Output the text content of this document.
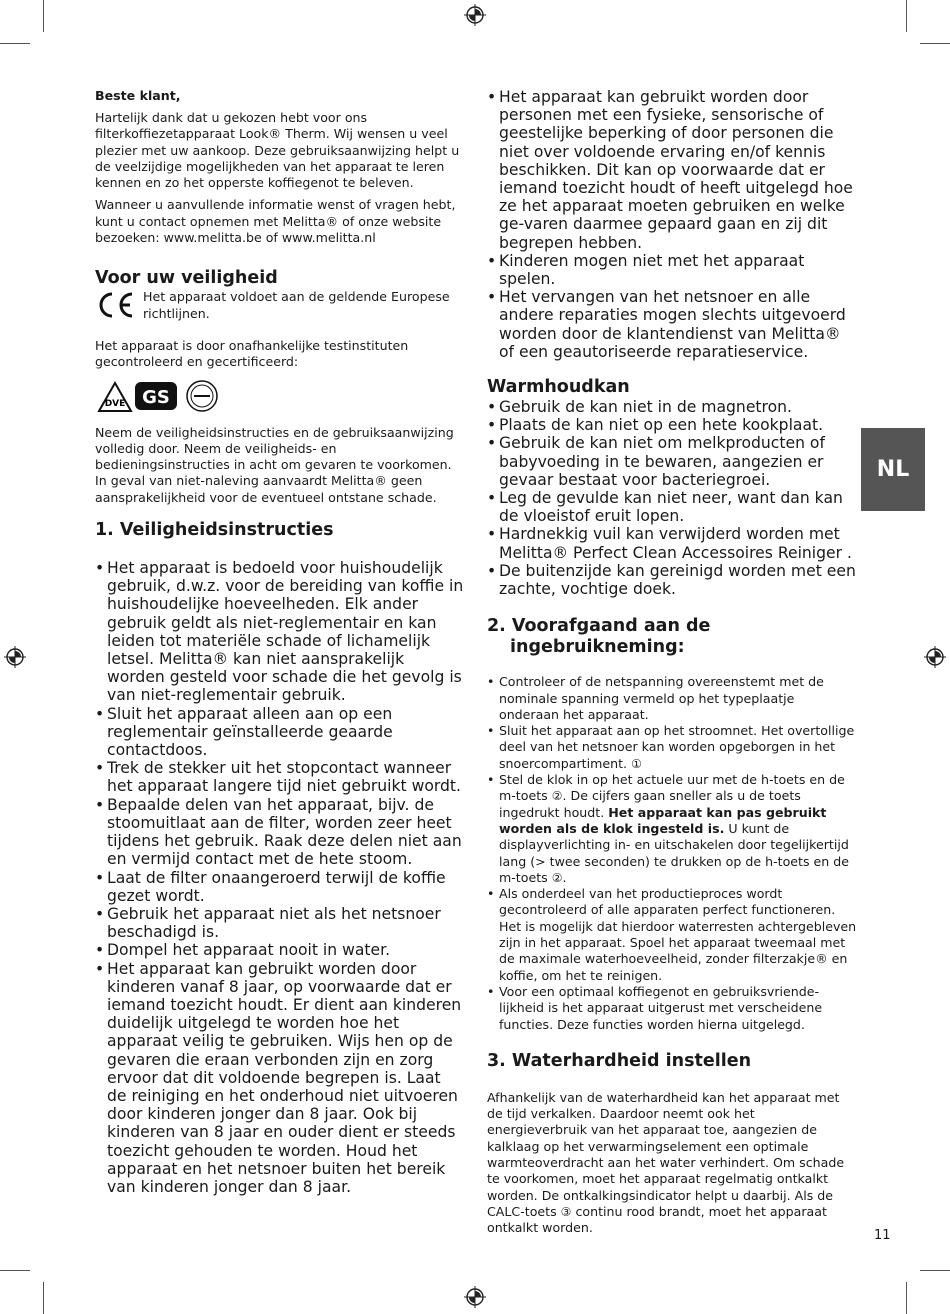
Beste klant,

Hartelijk dank dat u gekozen hebt voor ons filterkoffiezetapparaat Look® Therm. Wij wensen u veel plezier met uw aankoop. Deze gebruiksaanwijzing helpt u de veelzijdige mogelijkheden van het apparaat te leren kennen en zo het opperste koffiegenot te beleven.

Wanneer u aanvullende informatie wenst of vragen hebt, kunt u contact opnemen met Melitta® of onze website bezoeken: www.melitta.be of www.melitta.nl

Voor uw veiligheid

Het apparaat voldoet aan de geldende Europese richtlijnen.

Het apparaat is door onafhankelijke testinstituten gecontroleerd en gecertificeerd:

DVE GS

Neem de veiligheidsinstructies en de gebruiksaanwijzing volledig door. Neem de veiligheids- en bedieningsinstructies in acht om gevaren te voorkomen. In geval van niet-naleving aanvaardt Melitta® geen aansprakelijkheid voor de eventueel ontstane schade.

1. Veiligheidsinstructies
• Het apparaat is bedoeld voor huishoudelijk gebruik, d.w.z. voor de bereiding van koffie in huishoudelijke hoeveelheden. Elk ander gebruik geldt als niet-reglementair en kan leiden tot materiële schade of lichamelijk letsel. Melitta® kan niet aansprakelijk worden gesteld voor schade die het gevolg is van niet-reglementair gebruik.
• Sluit het apparaat alleen aan op een reglementair geïnstalleerde geaarde contactdoos.
• Trek de stekker uit het stopcontact wanneer het apparaat langere tijd niet gebruikt wordt.
• Bepaalde delen van het apparaat, bijv. de stoomuitlaat aan de filter, worden zeer heet tijdens het gebruik. Raak deze delen niet aan en vermijd contact met de hete stoom.
• Laat de filter onaangeroerd terwijl de koffie gezet wordt.
• Gebruik het apparaat niet als het netsnoer beschadigd is.
• Dompel het apparaat nooit in water.
• Het apparaat kan gebruikt worden door kinderen vanaf 8 jaar, op voorwaarde dat er iemand toezicht houdt. Er dient aan kinderen duidelijk uitgelegd te worden hoe het apparaat veilig te gebruiken. Wijs hen op de gevaren die eraan verbonden zijn en zorg ervoor dat dit voldoende begrepen is. Laat de reiniging en het onderhoud niet uitvoeren door kinderen jonger dan 8 jaar. Ook bij kinderen van 8 jaar en ouder dient er steeds toezicht gehouden te worden. Houd het apparaat en het netsnoer buiten het bereik van kinderen jonger dan 8 jaar.
• Het apparaat kan gebruikt worden door personen met een fysieke, sensorische of geestelijke beperking of door personen die niet over voldoende ervaring en/of kennis beschikken. Dit kan op voorwaarde dat er iemand toezicht houdt of heeft uitgelegd hoe ze het apparaat moeten gebruiken en welke ge-varen daarmee gepaard gaan en zij dit begrepen hebben.
• Kinderen mogen niet met het apparaat spelen.
• Het vervangen van het netsnoer en alle andere reparaties mogen slechts uitgevoerd worden door de klantendienst van Melitta® of een geautoriseerde reparatieservice.
Warmhoudkan
• Gebruik de kan niet in de magnetron.
• Plaats de kan niet op een hete kookplaat.
• Gebruik de kan niet om melkproducten of babyvoeding in te bewaren, aangezien er gevaar bestaat voor bacteriegroei.
• Leg de gevulde kan niet neer, want dan kan de vloeistof eruit lopen.
• Hardnekkig vuil kan verwijderd worden met Melitta® Perfect Clean Accessoires Reiniger .
• De buitenzijde kan gereinigd worden met een zachte, vochtige doek.
2. Voorafgaand aan de
ingebruikneming:
• Controleer of de netspanning overeenstemt met de nominale spanning vermeld op het typeplaatje onderaan het apparaat.
• Sluit het apparaat aan op het stroomnet. Het overtollige deel van het netsnoer kan worden opgeborgen in het snoercompartiment. ①
• Stel de klok in op het actuele uur met de h-toets en de m-toets ②. De cijfers gaan sneller als u de toets ingedrukt houdt. Het apparaat kan pas gebruikt worden als de klok ingesteld is. U kunt de displayverlichting in- en uitschakelen door tegelijkertijd lang (> twee seconden) te drukken op de h-toets en de m-toets ②.
• Als onderdeel van het productieproces wordt gecontroleerd of alle apparaten perfect functioneren. Het is mogelijk dat hierdoor waterresten achtergebleven zijn in het apparaat. Spoel het apparaat tweemaal met de maximale waterhoeveelheid, zonder filterzakje® en koffie, om het te reinigen.
• Voor een optimaal koffiegenot en gebruiksvriende-lijkheid is het apparaat uitgerust met verscheidene functies. Deze functies worden hierna uitgelegd.
3. Waterhardheid instellen

Afhankelijk van de waterhardheid kan het apparaat met de tijd verkalken. Daardoor neemt ook het energieverbruik van het apparaat toe, aangezien de kalklaag op het verwarmingselement een optimale warmteoverdracht aan het water verhindert. Om schade te voorkomen, moet het apparaat regelmatig ontkalkt worden. De ontkalkingsindicator helpt u daarbij. Als de CALC-toets ③ continu rood brandt, moet het apparaat ontkalkt worden.

NL
11
